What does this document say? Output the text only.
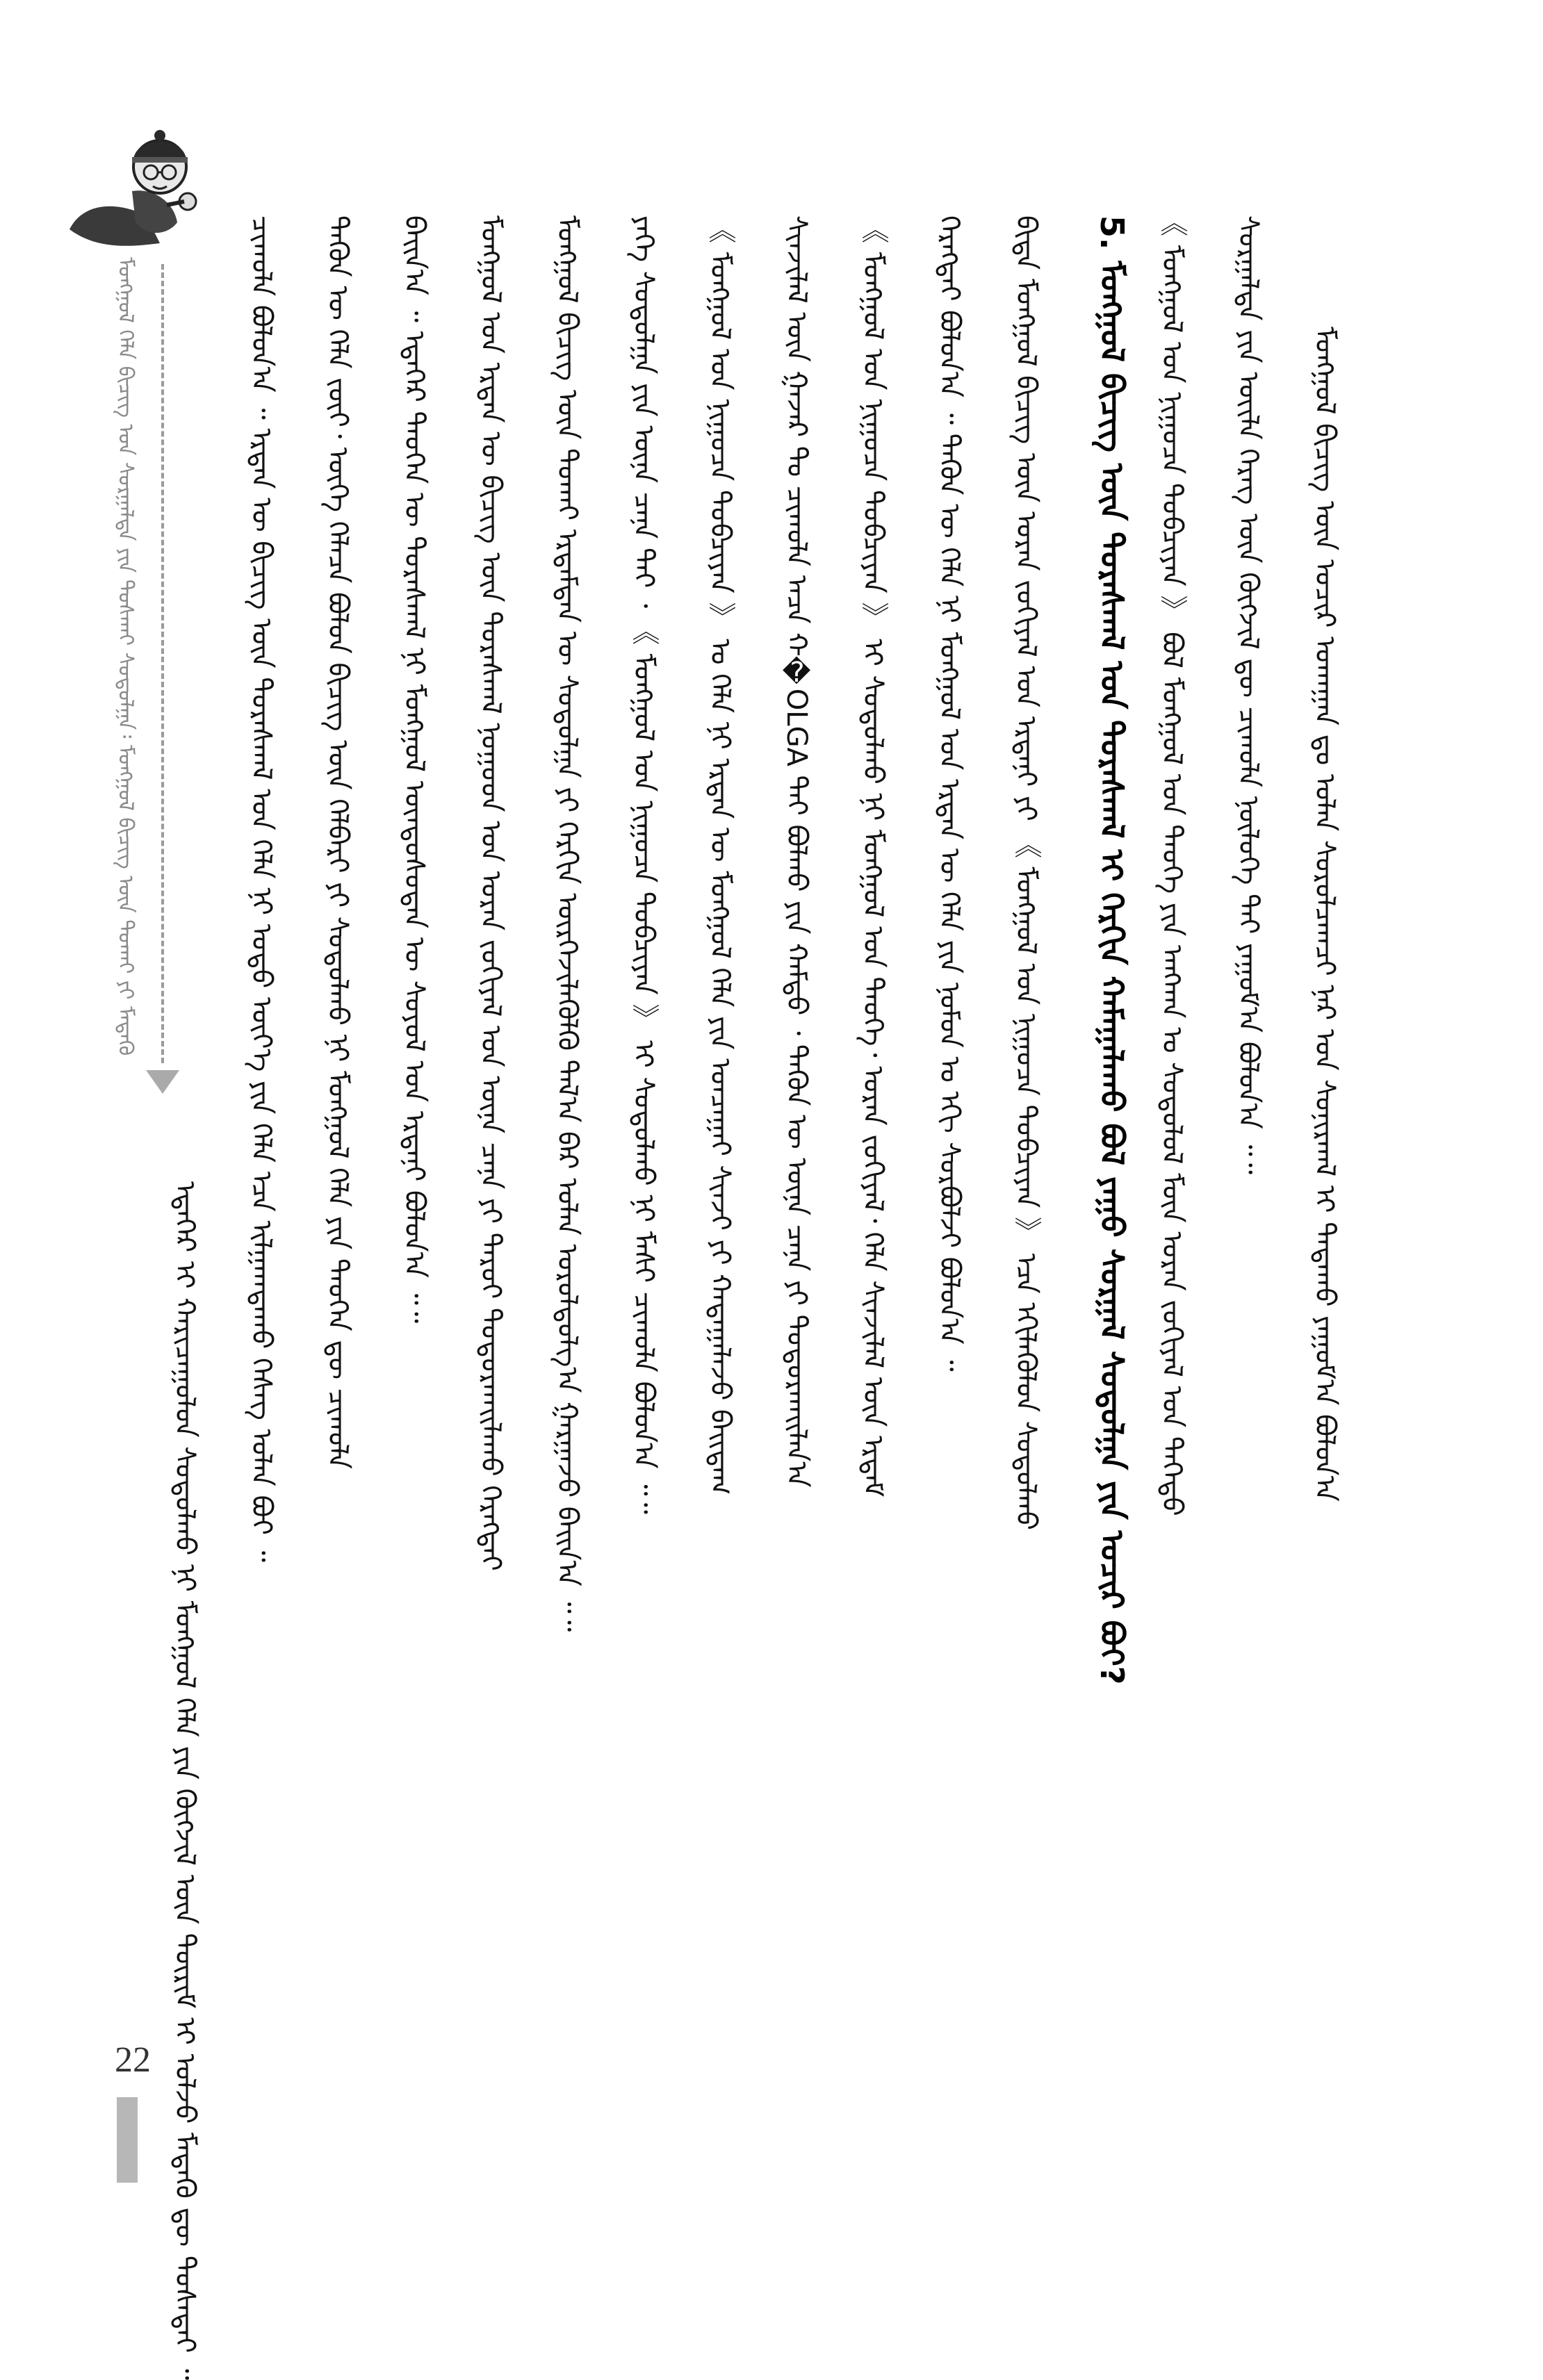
ᠮᠣᠩᠭᠣᠯ ᠬᠡᠯᠡ ᠪᠢᠴᠢᠭ ᠤᠨ ᠰᠤᠷᠭᠠᠯᠲᠠ ᠶᠢᠨ ᠲᠤᠰᠬᠠᠢ ᠰᠤᠳᠤᠯᠭᠠ᠄ ᠮᠣᠩᠭᠣᠯ ᠪᠢᠴᠢᠭ ᠦᠨ ᠲᠤᠬᠠᠢ ᠶᠢ ᠮᠡᠳᠡᠬᠦ	ᠮᠣᠩᠭᠣᠯ ᠪᠢᠴᠢᠭ ᠦᠨ ᠣᠴᠢᠷ ᠤᠬᠠᠭᠠᠨ ᠳᠤ ᠣᠯᠠᠨ ᠰᠤᠷᠤᠯᠴᠠᠭᠴᠢ ᠨᠠᠷ ᠤᠨ ᠰᠣᠨᠢᠷᠬᠠᠯ ᠢ ᠲᠠᠲᠠᠬᠤ ᠶᠠᠭᠤᠮ᠎ᠠ ᠪᠣᠯᠤᠨ᠎ᠠ
ᠰᠤᠷᠭᠠᠯᠲᠠ ᠶᠢᠨ ᠦᠢᠯᠡ ᠬᠡᠷᠡᠭ ᠦᠨ ᠬᠥᠭᠵᠢᠯ ᠳᠦ ᠴᠢᠬᠤᠯᠠ ᠨᠥᠯᠦᠭᠡ ᠲᠠᠢ ᠶᠠᠭᠤᠮ᠎ᠠ ᠪᠣᠯᠤᠨ᠎ᠠ ᠃᠃
《 ᠮᠣᠩᠭᠣᠯ ᠤᠨ ᠨᠢᠭᠤᠴᠠ ᠲᠣᠪᠴᠢᠶᠠᠨ 》 ᠪᠣᠯ ᠮᠣᠩᠭᠣᠯ ᠤᠨ ᠲᠡᠦᠬᠡ ᠶᠢᠨ ᠠᠩᠬᠠᠨ ᠤ ᠰᠤᠳᠤᠯᠤᠯ ᠮᠥᠨ ᠤᠷᠠᠨ ᠵᠣᠬᠢᠶᠠᠯ ᠤᠨ ᠳᠡᠭᠡᠳᠦ
5. ᠮᠣᠩᠭᠣᠯ ᠪᠢᠴᠢᠭ ᠦᠨ ᠳᠤᠷᠠᠰᠬᠠᠯ ᠤᠨ ᠳᠤᠷᠠᠰᠬᠠᠯ ᠢ ᠬᠡᠷᠬᠢᠨ ᠬᠠᠮᠠᠭᠠᠯᠠᠬᠤ ᠪᠣᠯ ᠶᠠᠭᠤ ᠰᠤᠷᠭᠠᠯ ᠰᠤᠳᠤᠯᠭᠠ ᠶᠢᠨ ᠤᠴᠢᠷ ᠪᠣᠢ?
ᠪᠢᠳᠡ ᠮᠣᠩᠭᠣᠯ ᠪᠢᠴᠢᠭ ᠦᠨ ᠤᠷᠠᠨ ᠵᠣᠬᠢᠶᠠᠯ ᠤᠨ ᠡᠷᠳᠡᠨᠢ ᠶᠢ 《 ᠮᠣᠩᠭᠣᠯ ᠤᠨ ᠨᠢᠭᠤᠴᠠ ᠲᠣᠪᠴᠢᠶᠠᠨ 》 ᠡᠴᠡ ᠡᠬᠢᠯᠡᠭᠦᠯᠦᠨ ᠰᠤᠳᠤᠯᠬᠤ
ᠬᠡᠷᠡᠭᠲᠡᠢ ᠪᠣᠯᠤᠨ᠎ᠠ ᠃ ᠲᠡᠭᠦᠨ ᠦ ᠬᠡᠯᠡ ᠨᠢ ᠮᠣᠩᠭᠣᠯ ᠤᠨ ᠡᠷᠲᠡᠨ ᠦ ᠬᠡᠯᠡ ᠶᠢᠨ ᠨᠤᠮᠤᠨ ᠤ ᠡᠬᠢ ᠰᠤᠷᠪᠤᠯᠵᠢ ᠪᠣᠯᠤᠨ᠎ᠠ ᠃
《 ᠮᠣᠩᠭᠣᠯ ᠤᠨ ᠨᠢᠭᠤᠴᠠ ᠲᠣᠪᠴᠢᠶᠠᠨ 》 ᠢ ᠰᠤᠳᠤᠯᠬᠤ ᠨᠢ ᠮᠣᠩᠭᠣᠯ ᠤᠨ ᠲᠡᠦᠬᠡ᠂ ᠤᠷᠠᠨ ᠵᠣᠬᠢᠶᠠᠯ᠂ ᠬᠡᠯᠡ ᠰᠢᠨᠵᠢᠯᠡᠯ ᠦᠨ ᠡᠷᠳᠡᠮ
ᠰᠢᠨᠵᠢᠯᠡᠯ ᠦᠨ ᠭᠠᠵᠠᠷ ᠲᠤ ᠴᠢᠬᠤᠯᠠ ᠠᠴᠠ ᠬ�OLGA ᠲᠠᠢ ᠪᠣᠯᠬᠤ ᠶᠢᠨ ᠬᠠᠮᠲᠤ ᠂ ᠲᠡᠭᠦᠨ ᠦ ᠦᠨᠡ ᠴᠡᠨᠡ ᠶᠢ ᠲᠣᠳᠣᠷᠬᠠᠢᠯᠠᠨ᠎ᠠ
《 ᠮᠣᠩᠭᠣᠯ ᠤᠨ ᠨᠢᠭᠤᠴᠠ ᠲᠣᠪᠴᠢᠶᠠᠨ 》 ᠤ ᠬᠡᠯᠡ ᠨᠢ ᠡᠷᠲᠡᠨ ᠦ ᠮᠣᠩᠭᠣᠯ ᠬᠡᠯᠡ ᠶᠢᠨ ᠤᠨᠴᠠᠭᠠᠢ ᠰᠢᠨᠵᠢ ᠶᠢ ᠬᠠᠳᠠᠭᠠᠯᠠᠵᠤ ᠪᠠᠢᠳᠠᠭ
ᠶᠡᠬᠡ ᠰᠤᠳᠤᠯᠭᠠ ᠶᠢᠨ ᠦᠨᠡ ᠴᠡᠨᠡ ᠲᠠᠢ ᠂ 《 ᠮᠣᠩᠭᠣᠯ ᠤᠨ ᠨᠢᠭᠤᠴᠠ ᠲᠣᠪᠴᠢᠶᠠᠨ 》 ᠢ ᠰᠤᠳᠤᠯᠬᠤ ᠨᠢ ᠮᠠᠰᠢ ᠴᠢᠬᠤᠯᠠ ᠪᠣᠯᠤᠨ᠎ᠠ ᠃᠃
ᠮᠣᠩᠭᠣᠯ ᠪᠢᠴᠢᠭ ᠦᠨ ᠲᠤᠬᠠᠢ ᠡᠷᠳᠡᠮᠲᠡᠨ ᠦ ᠰᠤᠳᠤᠯᠭᠠ ᠶᠢ ᠬᠡᠷᠬᠢᠨ ᠦᠷᠭᠡᠵᠢᠯᠡᠭᠦᠯᠬᠦ ᠲᠠᠯ᠎ᠠ ᠪᠠᠷ ᠣᠯᠠᠨ ᠣᠷᠣᠯᠳᠣᠯᠭ᠎ᠠ ᠭᠠᠷᠭᠠᠵᠤ ᠪᠠᠢᠨ᠎ᠠ ᠃᠃
ᠮᠣᠩᠭᠣᠯ ᠤᠨ ᠡᠷᠲᠡᠨ ᠦ ᠪᠢᠴᠢᠭ ᠦᠨ ᠳᠤᠷᠠᠰᠬᠠᠯ ᠨᠤᠭᠤᠳ ᠤᠨ ᠤᠷᠠᠨ ᠵᠣᠬᠢᠶᠠᠯ ᠤᠨ ᠦᠨᠡ ᠴᠡᠨᠡ ᠶᠢ ᠳᠠᠷᠤᠢ ᠲᠣᠳᠣᠷᠬᠠᠢᠯᠠᠬᠤ ᠬᠡᠷᠡᠭᠲᠡᠢ
ᠪᠠᠢᠨ᠎ᠠ ᠃ ᠡᠳᠡᠭᠡᠷ ᠲᠡᠦᠬᠡᠨ ᠦ ᠳᠤᠷᠠᠰᠬᠠᠯ ᠨᠢ ᠮᠣᠩᠭᠣᠯ ᠦᠨᠳᠦᠰᠦᠲᠡᠨ ᠦ ᠰᠣᠶᠣᠯ ᠤᠨ ᠡᠷᠳᠡᠨᠢ ᠪᠣᠯᠤᠨ᠎ᠠ ᠃᠃
ᠲᠡᠭᠦᠨ ᠦ ᠬᠡᠯᠡ ᠵᠦᠢ᠂ ᠦᠭᠡ ᠬᠡᠯᠡᠴᠡ ᠪᠣᠯᠣᠨ ᠪᠢᠴᠢᠭ ᠦᠨ ᠬᠡᠯᠪᠡᠷᠢ ᠶᠢ ᠰᠤᠳᠤᠯᠬᠤ ᠨᠢ ᠮᠣᠩᠭᠣᠯ ᠬᠡᠯᠡ ᠶᠢᠨ ᠲᠡᠦᠬᠡᠨ ᠳᠦ ᠴᠢᠬᠤᠯᠠ
ᠴᠢᠬᠤᠯᠠ ᠪᠣᠯᠤᠨ᠎ᠠ ᠃ ᠡᠷᠲᠡᠨ ᠦ ᠪᠢᠴᠢᠭ ᠦᠨ ᠳᠤᠷᠠᠰᠬᠠᠯ ᠤᠨ ᠬᠡᠯᠡ ᠨᠢ ᠣᠳᠣ ᠦᠶ᠎ᠡ ᠶᠢᠨ ᠬᠡᠯᠡ ᠡᠴᠡ ᠢᠯᠭᠠᠭᠳᠠᠬᠤ ᠬᠡᠰᠡᠭ ᠣᠯᠠᠨ ᠪᠣᠢ ᠃
ᠡᠳᠡᠭᠡᠷ ᠢ ᠬᠠᠷᠢᠴᠠᠭᠤᠯᠤᠨ ᠰᠤᠳᠤᠯᠬᠤ ᠨᠢ ᠮᠣᠩᠭᠣᠯ ᠬᠡᠯᠡ ᠶᠢᠨ ᠬᠥᠭᠵᠢᠯ ᠦᠨ ᠳᠦᠷᠢᠮ ᠢ ᠣᠯᠵᠤ ᠮᠡᠳᠡᠬᠦ ᠳᠦ ᠲᠤᠰᠠᠲᠠᠢ ᠃
22
